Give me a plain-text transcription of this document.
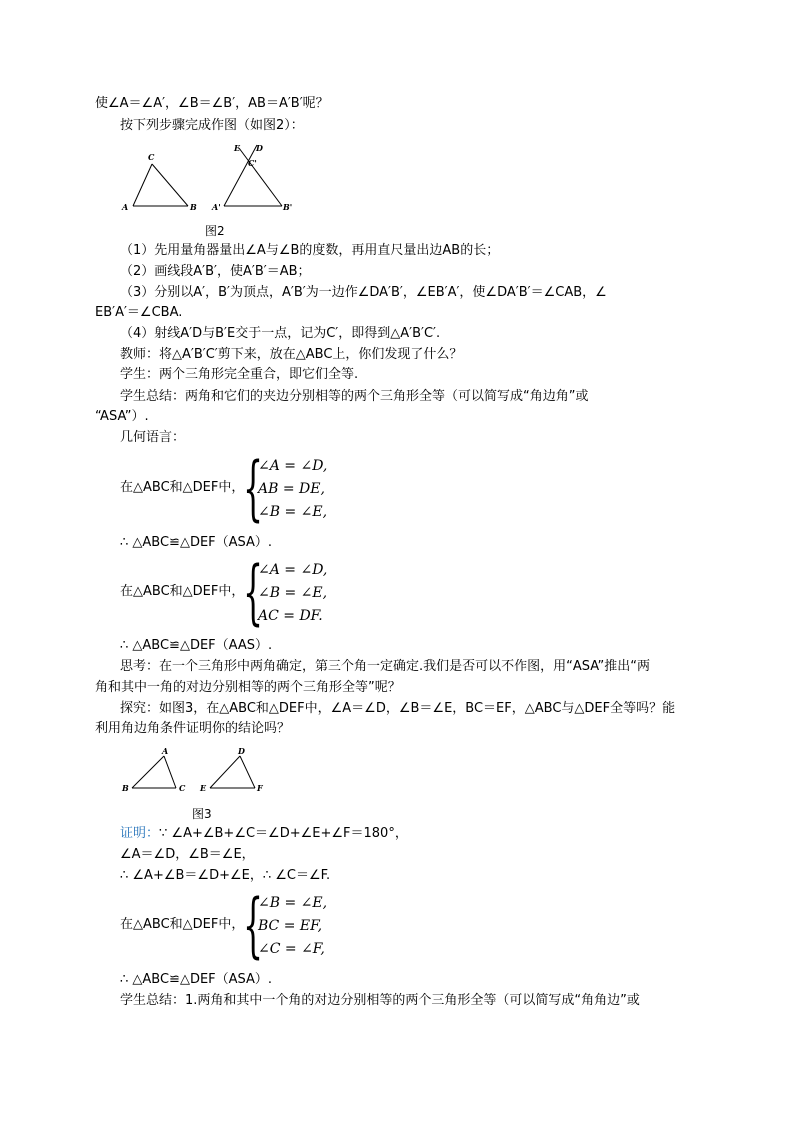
使∠A＝∠A′，∠B＝∠B′，AB＝A′B′呢？
按下列步骤完成作图（如图2）：
A	B
C
E D
C'
A'	B'
图2
（1）先用量角器量出∠A与∠B的度数，再用直尺量出边AB的长；
（2）画线段A′B′，使A′B′＝AB；
（3）分别以A′，B′为顶点，A′B′为一边作∠DA′B′，∠EB′A′，使∠DA′B′＝∠CAB，∠
EB′A′＝∠CBA.
（4）射线A′D与B′E交于一点，记为C′，即得到△A′B′C′.
教师：将△A′B′C′剪下来，放在△ABC上，你们发现了什么？
学生：两个三角形完全重合，即它们全等.
学生总结：两角和它们的夹边分别相等的两个三角形全等（可以简写成“角边角”或
“ASA”）.
几何语言：
在△ABC和△DEF中，
{
∠A = ∠D,
AB = DE,
∠B = ∠E,
∴ △ABC≌△DEF（ASA）.
在△ABC和△DEF中，
{
∠A = ∠D,
∠B = ∠E,
AC = DF.
∴ △ABC≌△DEF（AAS）.
思考：在一个三角形中两角确定，第三个角一定确定.我们是否可以不作图，用“ASA”推出“两
角和其中一角的对边分别相等的两个三角形全等”呢？
探究：如图3，在△ABC和△DEF中，∠A＝∠D，∠B＝∠E，BC＝EF，△ABC与△DEF全等吗？能
利用角边角条件证明你的结论吗？
B
A
C E
D
F
图3
证明：∵ ∠A+∠B+∠C＝∠D+∠E+∠F＝180°，
∠A＝∠D，∠B＝∠E，
∴ ∠A+∠B＝∠D+∠E，∴ ∠C＝∠F.
在△ABC和△DEF中，
{
∠B = ∠E,
BC = EF,
∠C = ∠F,
∴ △ABC≌△DEF（ASA）.
学生总结：1.两角和其中一个角的对边分别相等的两个三角形全等（可以简写成“角角边”或
